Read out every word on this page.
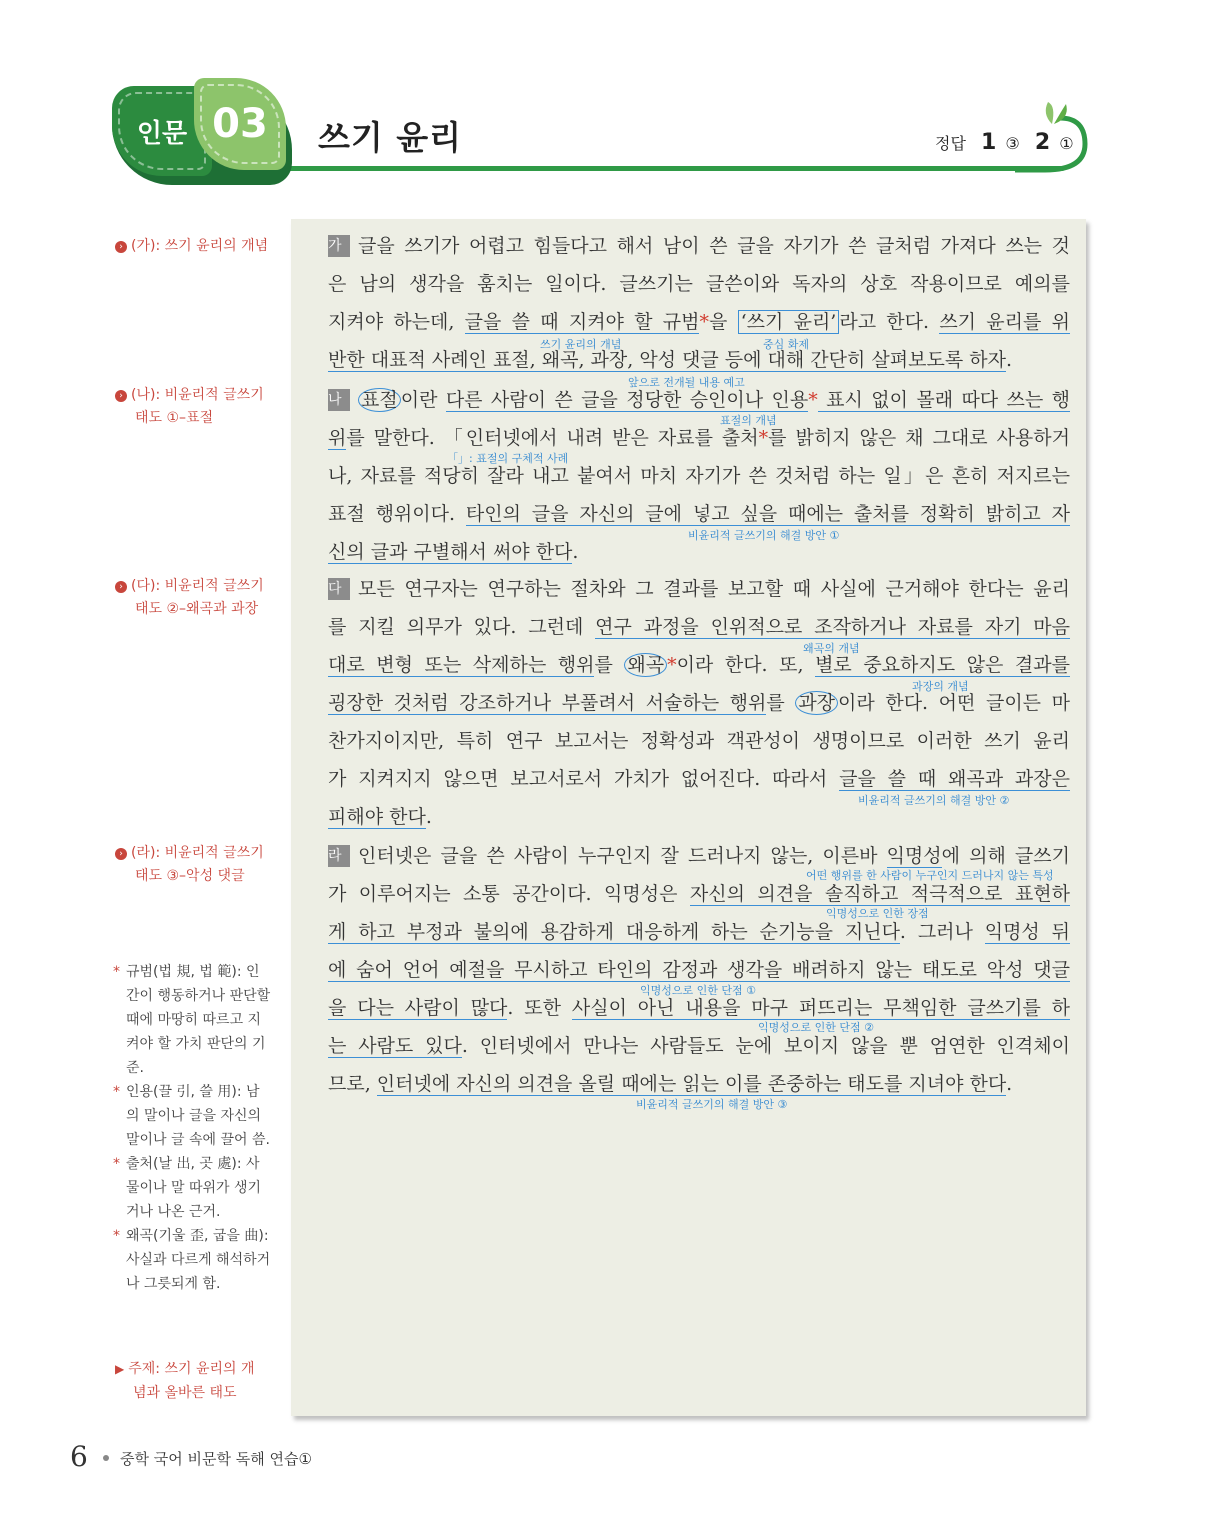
인문 03	쓰기 윤리	정답 1 ③ 2 ①
› (가): 쓰기 윤리의 개념
› (나): 비윤리적 글쓰기
태도 ①–표절
› (다): 비윤리적 글쓰기
태도 ②–왜곡과 과장
› (라): 비윤리적 글쓰기
태도 ③–악성 댓글
* 규범(법 規, 법 範): 인간이 행동하거나 판단할 때에 마땅히 따르고 지켜야 할 가치 판단의 기준.
* 인용(끌 引, 쓸 用): 남의 말이나 글을 자신의 말이나 글 속에 끌어 씀.
* 출처(날 出, 곳 處): 사물이나 말 따위가 생기거나 나온 근거.
* 왜곡(기울 歪, 굽을 曲): 사실과 다르게 해석하거나 그릇되게 함.
▶ 주제: 쓰기 윤리의 개
념과 올바른 태도
가 글을 쓰기가 어렵고 힘들다고 해서 남이 쓴 글을 자기가 쓴 글처럼 가져다 쓰는 것
은 남의 생각을 훔치는 일이다. 글쓰기는 글쓴이와 독자의 상호 작용이므로 예의를
지켜야 하는데, 글을 쓸 때 지켜야 할 규범*을 ‘쓰기 윤리’ 라고 한다. 쓰기 윤리를 위
반한 대표적 사례인 표절, 왜곡, 과장, 악성 댓글 등에 대해 간단히 살펴보도록 하자.
쓰기 윤리의 개념	중심 화제
앞으로 전개될 내용 예고
나 표절 이란 다른 사람이 쓴 글을 정당한 승인이나 인용* 표시 없이 몰래 따다 쓰는 행
위를 말한다. 「인터넷에서 내려 받은 자료를 출처*를 밝히지 않은 채 그대로 사용하거
나, 자료를 적당히 잘라 내고 붙여서 마치 자기가 쓴 것처럼 하는 일」은 흔히 저지르는
표절 행위이다. 타인의 글을 자신의 글에 넣고 싶을 때에는 출처를 정확히 밝히고 자
신의 글과 구별해서 써야 한다.
표절의 개념
「」: 표절의 구체적 사례
비윤리적 글쓰기의 해결 방안 ①
다 모든 연구자는 연구하는 절차와 그 결과를 보고할 때 사실에 근거해야 한다는 윤리
를 지킬 의무가 있다. 그런데 연구 과정을 인위적으로 조작하거나 자료를 자기 마음
대로 변형 또는 삭제하는 행위를 왜곡 *이라 한다. 또, 별로 중요하지도 않은 결과를
굉장한 것처럼 강조하거나 부풀려서 서술하는 행위를 과장 이라 한다. 어떤 글이든 마
찬가지이지만, 특히 연구 보고서는 정확성과 객관성이 생명이므로 이러한 쓰기 윤리
가 지켜지지 않으면 보고서로서 가치가 없어진다. 따라서 글을 쓸 때 왜곡과 과장은
피해야 한다.
왜곡의 개념
과장의 개념
비윤리적 글쓰기의 해결 방안 ②
라 인터넷은 글을 쓴 사람이 누구인지 잘 드러나지 않는, 이른바 익명성에 의해 글쓰기
가 이루어지는 소통 공간이다. 익명성은 자신의 의견을 솔직하고 적극적으로 표현하
게 하고 부정과 불의에 용감하게 대응하게 하는 순기능을 지닌다. 그러나 익명성 뒤
에 숨어 언어 예절을 무시하고 타인의 감정과 생각을 배려하지 않는 태도로 악성 댓글
을 다는 사람이 많다. 또한 사실이 아닌 내용을 마구 퍼뜨리는 무책임한 글쓰기를 하
는 사람도 있다. 인터넷에서 만나는 사람들도 눈에 보이지 않을 뿐 엄연한 인격체이
므로, 인터넷에 자신의 의견을 올릴 때에는 읽는 이를 존중하는 태도를 지녀야 한다.
어떤 행위를 한 사람이 누구인지 드러나지 않는 특성
익명성으로 인한 장점
익명성으로 인한 단점 ①
익명성으로 인한 단점 ②
비윤리적 글쓰기의 해결 방안 ③
6 중학 국어 비문학 독해 연습①
